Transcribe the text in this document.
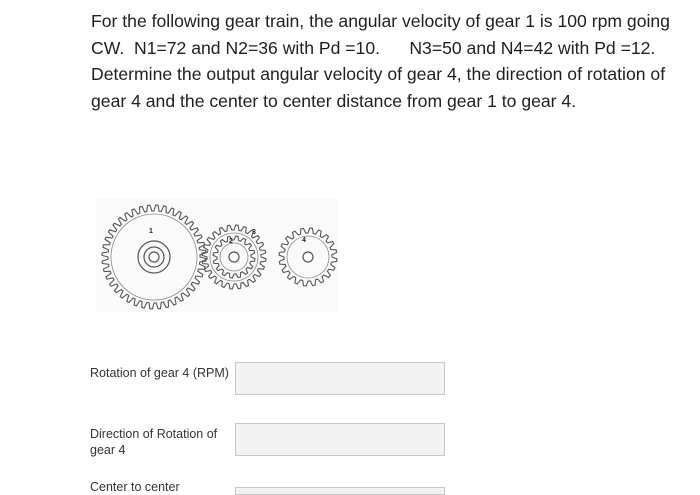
For the following gear train, the angular velocity of gear 1 is 100 rpm going CW.  N1=72 and N2=36 with Pd =10.      N3=50 and N4=42 with Pd =12.  Determine the output angular velocity of gear 4, the direction of rotation of gear 4 and the center to center distance from gear 1 to gear 4.

1
2
3
4
Rotation of gear 4 (RPM)
Direction of Rotation of gear 4
Center to center
